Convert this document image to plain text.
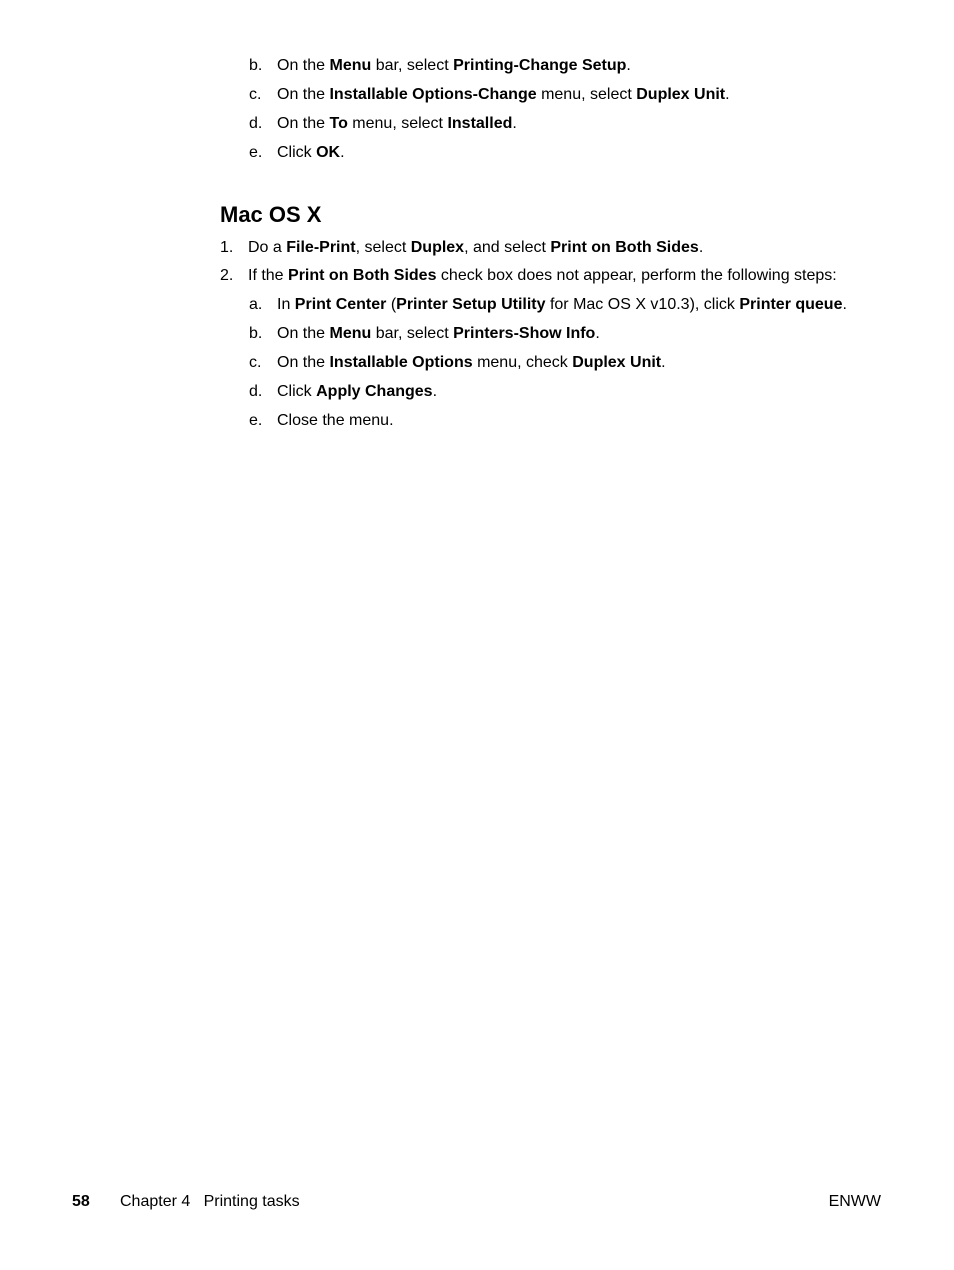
b. On the Menu bar, select Printing-Change Setup.
c. On the Installable Options-Change menu, select Duplex Unit.
d. On the To menu, select Installed.
e. Click OK.
Mac OS X
1. Do a File-Print, select Duplex, and select Print on Both Sides.
2. If the Print on Both Sides check box does not appear, perform the following steps:
a. In Print Center (Printer Setup Utility for Mac OS X v10.3), click Printer queue.
b. On the Menu bar, select Printers-Show Info.
c. On the Installable Options menu, check Duplex Unit.
d. Click Apply Changes.
e. Close the menu.
58 Chapter 4   Printing tasks	ENWW
